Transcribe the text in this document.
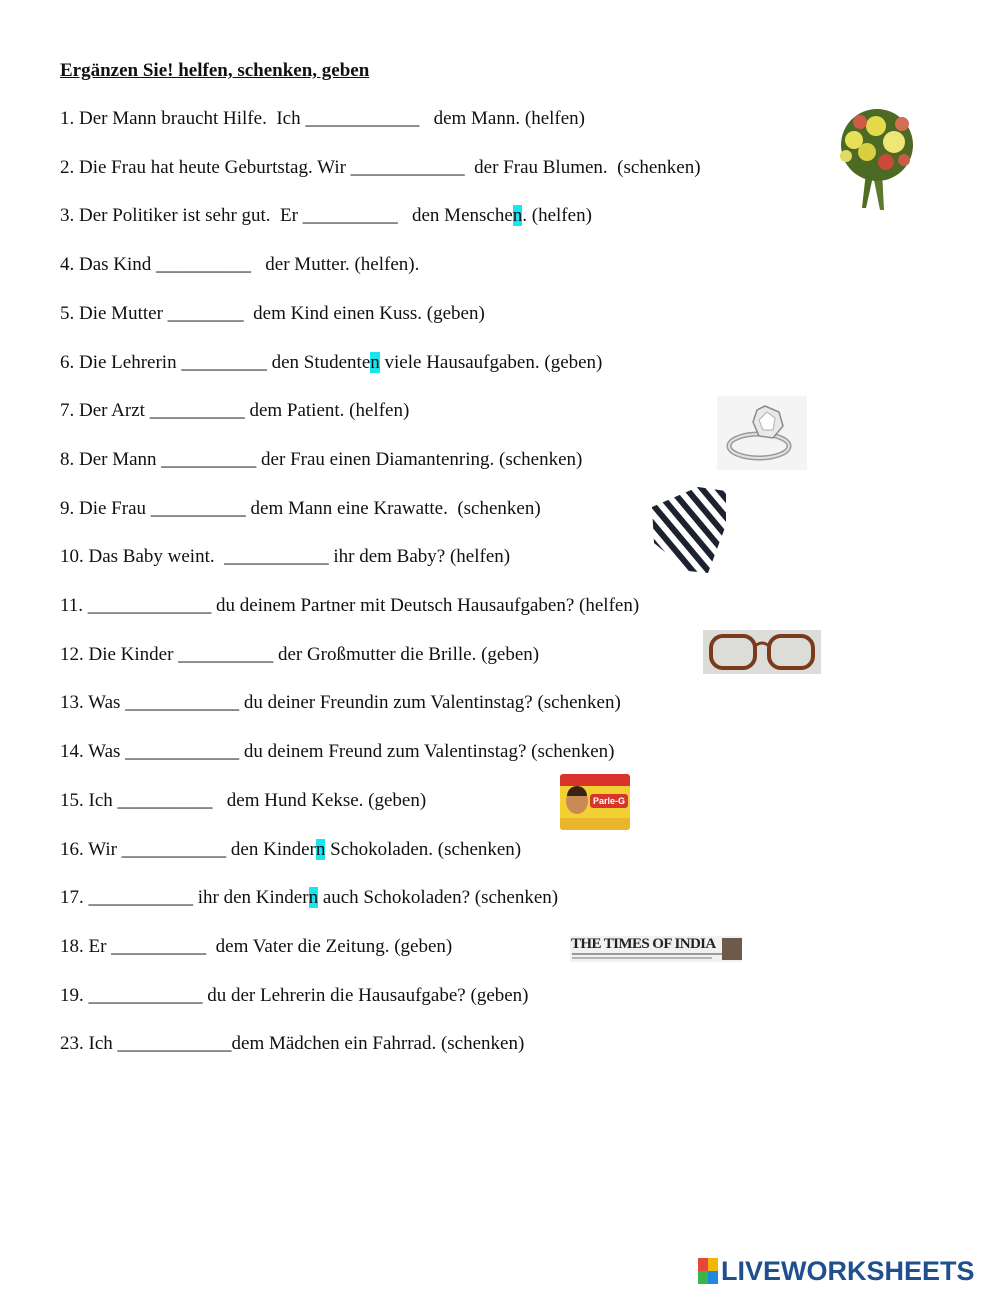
Ergänzen Sie! helfen, schenken, geben
1. Der Mann braucht Hilfe.  Ich ____________   dem Mann. (helfen)
2. Die Frau hat heute Geburtstag. Wir ____________  der Frau Blumen.  (schenken)
3. Der Politiker ist sehr gut.  Er __________   den Menschen. (helfen)
4. Das Kind __________   der Mutter. (helfen).
5. Die Mutter ________  dem Kind einen Kuss. (geben)
6. Die Lehrerin _________ den Studenten viele Hausaufgaben. (geben)
7. Der Arzt __________ dem Patient. (helfen)
8. Der Mann __________ der Frau einen Diamantenring. (schenken)
9. Die Frau __________ dem Mann eine Krawatte.  (schenken)
10. Das Baby weint.  ___________ ihr dem Baby? (helfen)
11. _____________ du deinem Partner mit Deutsch Hausaufgaben? (helfen)
12. Die Kinder __________ der Großmutter die Brille. (geben)
13. Was ____________ du deiner Freundin zum Valentinstag? (schenken)
14. Was ____________ du deinem Freund zum Valentinstag? (schenken)
15. Ich __________   dem Hund Kekse. (geben)
16. Wir ___________ den Kindern Schokoladen. (schenken)
17. ___________ ihr den Kindern auch Schokoladen? (schenken)
18. Er __________  dem Vater die Zeitung. (geben)
19. ____________ du der Lehrerin die Hausaufgabe? (geben)
23. Ich ____________dem Mädchen ein Fahrrad. (schenken)
Parle-G
THE TIMES OF INDIA
LIVEWORKSHEETS
